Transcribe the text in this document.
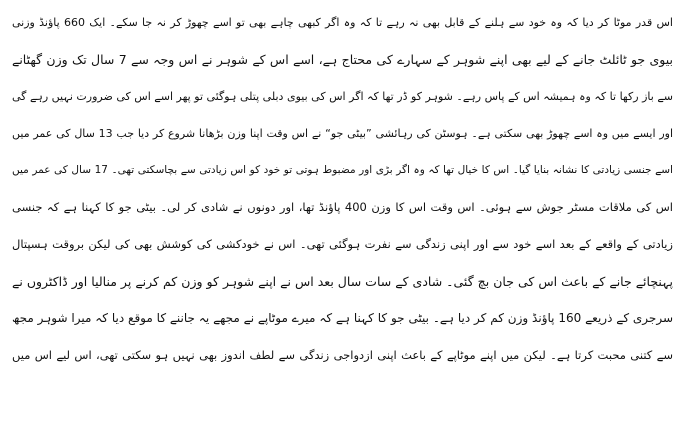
اس قدر موٹا کر دیا کہ وہ خود سے ہلنے کے قابل بھی نہ رہے تا کہ وہ اگر کبھی چاہے بھی تو اسے چھوڑ کر نہ جا سکے۔ ایک 660 پاؤنڈ وزنی
بیوی جو ٹائلٹ جانے کے لیے بھی اپنے شوہر کے سہارے کی محتاج ہے، اسے اس کے شوہر نے اس وجہ سے 7 سال تک وزن گھٹانے
سے باز رکھا تا کہ وہ ہمیشہ اس کے پاس رہے۔ شوہر کو ڈر تھا کہ اگر اس کی بیوی دبلی پتلی ہوگئی تو پھر اسے اس کی ضرورت نہیں رہے گی
اور ایسے میں وہ اسے چھوڑ بھی سکتی ہے۔ ہوسٹن کی رہائشی ”بیٹی جو“ نے اس وقت اپنا وزن بڑھانا شروع کر دیا جب 13 سال کی عمر میں
اسے جنسی زیادتی کا نشانہ بنایا گیا۔ اس کا خیال تھا کہ وہ اگر بڑی اور مضبوط ہوتی تو خود کو اس زیادتی سے بچاسکتی تھی۔ 17 سال کی عمر میں
اس کی ملاقات مسٹر جوش سے ہوئی۔ اس وقت اس کا وزن 400 پاؤنڈ تھا، اور دونوں نے شادی کر لی۔ بیٹی جو کا کہنا ہے کہ جنسی
زیادتی کے واقعے کے بعد اسے خود سے اور اپنی زندگی سے نفرت ہوگئی تھی۔ اس نے خودکشی کی کوشش بھی کی لیکن بروقت ہسپتال
پہنچائے جانے کے باعث اس کی جان بچ گئی۔ شادی کے سات سال بعد اس نے اپنے شوہر کو وزن کم کرنے پر منالیا اور ڈاکٹروں نے
سرجری کے ذریعے 160 پاؤنڈ وزن کم کر دیا ہے۔ بیٹی جو کا کہنا ہے کہ میرے موٹاپے نے مجھے یہ جاننے کا موقع دیا کہ میرا شوہر مجھ
سے کتنی محبت کرتا ہے۔ لیکن میں اپنے موٹاپے کے باعث اپنی ازدواجی زندگی سے لطف اندوز بھی نہیں ہو سکتی تھی، اس لیے اس میں
